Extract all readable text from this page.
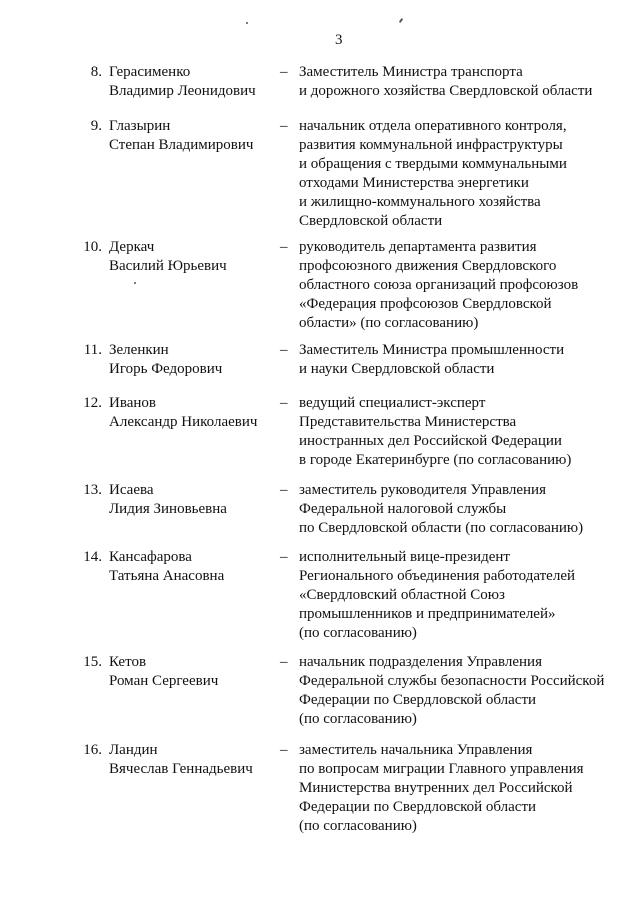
3
8. Герасименко
Владимир Леонидович
– Заместитель Министра транспорта
и дорожного хозяйства Свердловской области
9. Глазырин
Степан Владимирович
– начальник отдела оперативного контроля,
развития коммунальной инфраструктуры
и обращения с твердыми коммунальными
отходами Министерства энергетики
и жилищно-коммунального хозяйства
Свердловской области
10. Деркач
Василий Юрьевич
– руководитель департамента развития
профсоюзного движения Свердловского
областного союза организаций профсоюзов
«Федерация профсоюзов Свердловской
области» (по согласованию)
11. Зеленкин
Игорь Федорович
– Заместитель Министра промышленности
и науки Свердловской области
12. Иванов
Александр Николаевич
– ведущий специалист-эксперт
Представительства Министерства
иностранных дел Российской Федерации
в городе Екатеринбурге (по согласованию)
13. Исаева
Лидия Зиновьевна
– заместитель руководителя Управления
Федеральной налоговой службы
по Свердловской области (по согласованию)
14. Кансафарова
Татьяна Анасовна
– исполнительный вице-президент
Регионального объединения работодателей
«Свердловский областной Союз
промышленников и предпринимателей»
(по согласованию)
15. Кетов
Роман Сергеевич
– начальник подразделения Управления
Федеральной службы безопасности Российской
Федерации по Свердловской области
(по согласованию)
16. Ландин
Вячеслав Геннадьевич
– заместитель начальника Управления
по вопросам миграции Главного управления
Министерства внутренних дел Российской
Федерации по Свердловской области
(по согласованию)
